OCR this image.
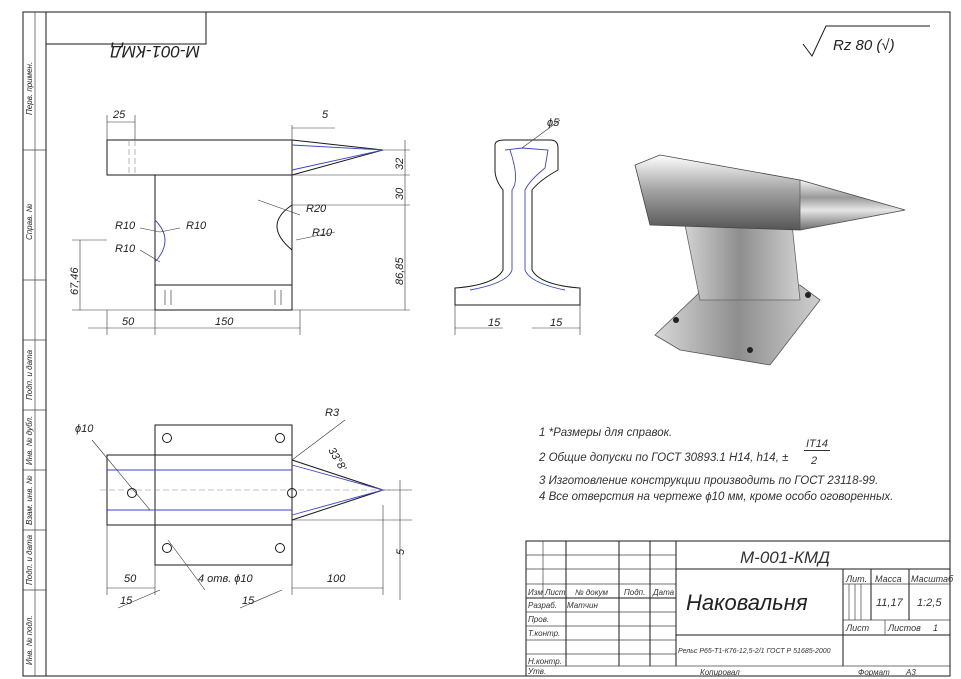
Перв. примен.
Справ. №
Подп. и дата
Инв. № дубл.
Взам. инв. №
Подп. и дата
Инв. № подл.
М-001-КМД	Rz 80 (√)
25	5
32
30
86,85
67,46
50	150
R20
R10
R10	R10
R10
ϕ5
15	15
ϕ10
R3
33°8'
5
50	4 отв. ϕ10	100
15	15
1 *Размеры для справок.
2 Общие допуски по ГОСТ 30893.1 H14, h14, ±
IT14
2
3 Изготовление конструкции производить по ГОСТ 23118-99.
4 Все отверстия на чертеже ϕ10 мм, кроме особо оговоренных.
М-001-КМД
Наковальня
Рельс Р65-Т1-К76-12,5-2/1 ГОСТ Р 51685-2000
Изм Лист № докум Подп. Дата
Разраб. Матчин
Пров.
Т.контр.
Н.контр.
Утв.
Лит. Масса Масштаб
11,17 1:2,5
Лист Листов 1
Копировал	Формат А3
